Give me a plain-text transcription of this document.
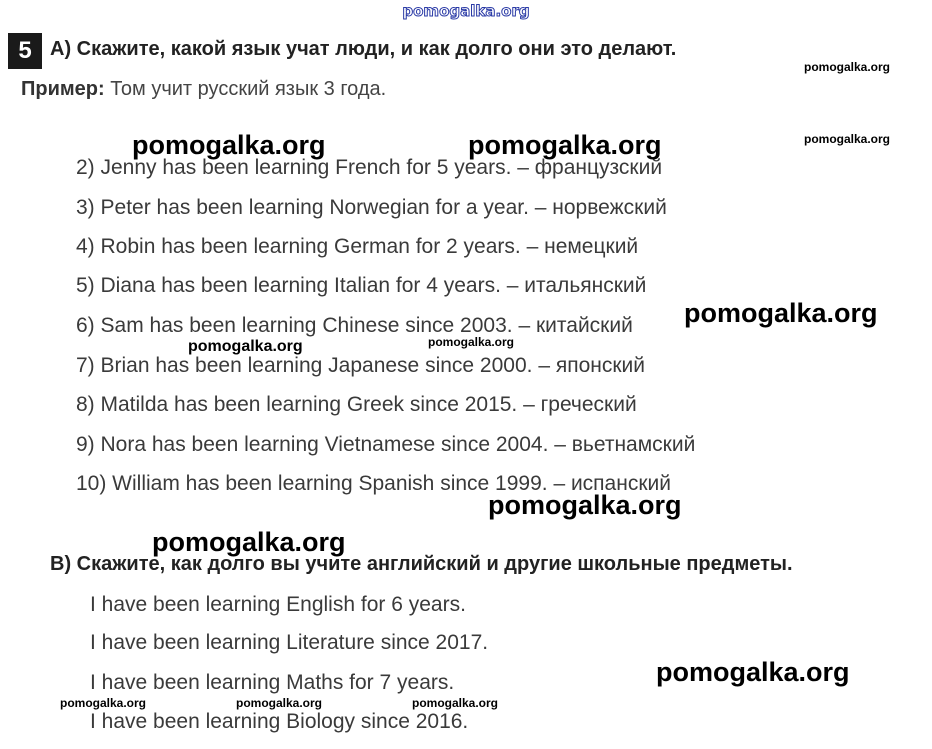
pomogalka.org
5 А) Скажите, какой язык учат люди, и как долго они это делают.
Пример: Том учит русский язык 3 года.
2) Jenny has been learning French for 5 years. – французский
3) Peter has been learning Norwegian for a year. – норвежский
4) Robin has been learning German for 2 years. – немецкий
5) Diana has been learning Italian for 4 years. – итальянский
6) Sam has been learning Chinese since 2003. – китайский
7) Brian has been learning Japanese since 2000. – японский
8) Matilda has been learning Greek since 2015. – греческий
9) Nora has been learning Vietnamese since 2004. – вьетнамский
10) William has been learning Spanish since 1999. – испанский
В) Скажите, как долго вы учите английский и другие школьные предметы.
I have been learning English for 6 years.
I have been learning Literature since 2017.
I have been learning Maths for 7 years.
I have been learning Biology since 2016.
pomogalka.org
pomogalka.org	pomogalka.org	pomogalka.org
pomogalka.org
pomogalka.org	pomogalka.org
pomogalka.org
pomogalka.org
pomogalka.org
pomogalka.org	pomogalka.org	pomogalka.org
